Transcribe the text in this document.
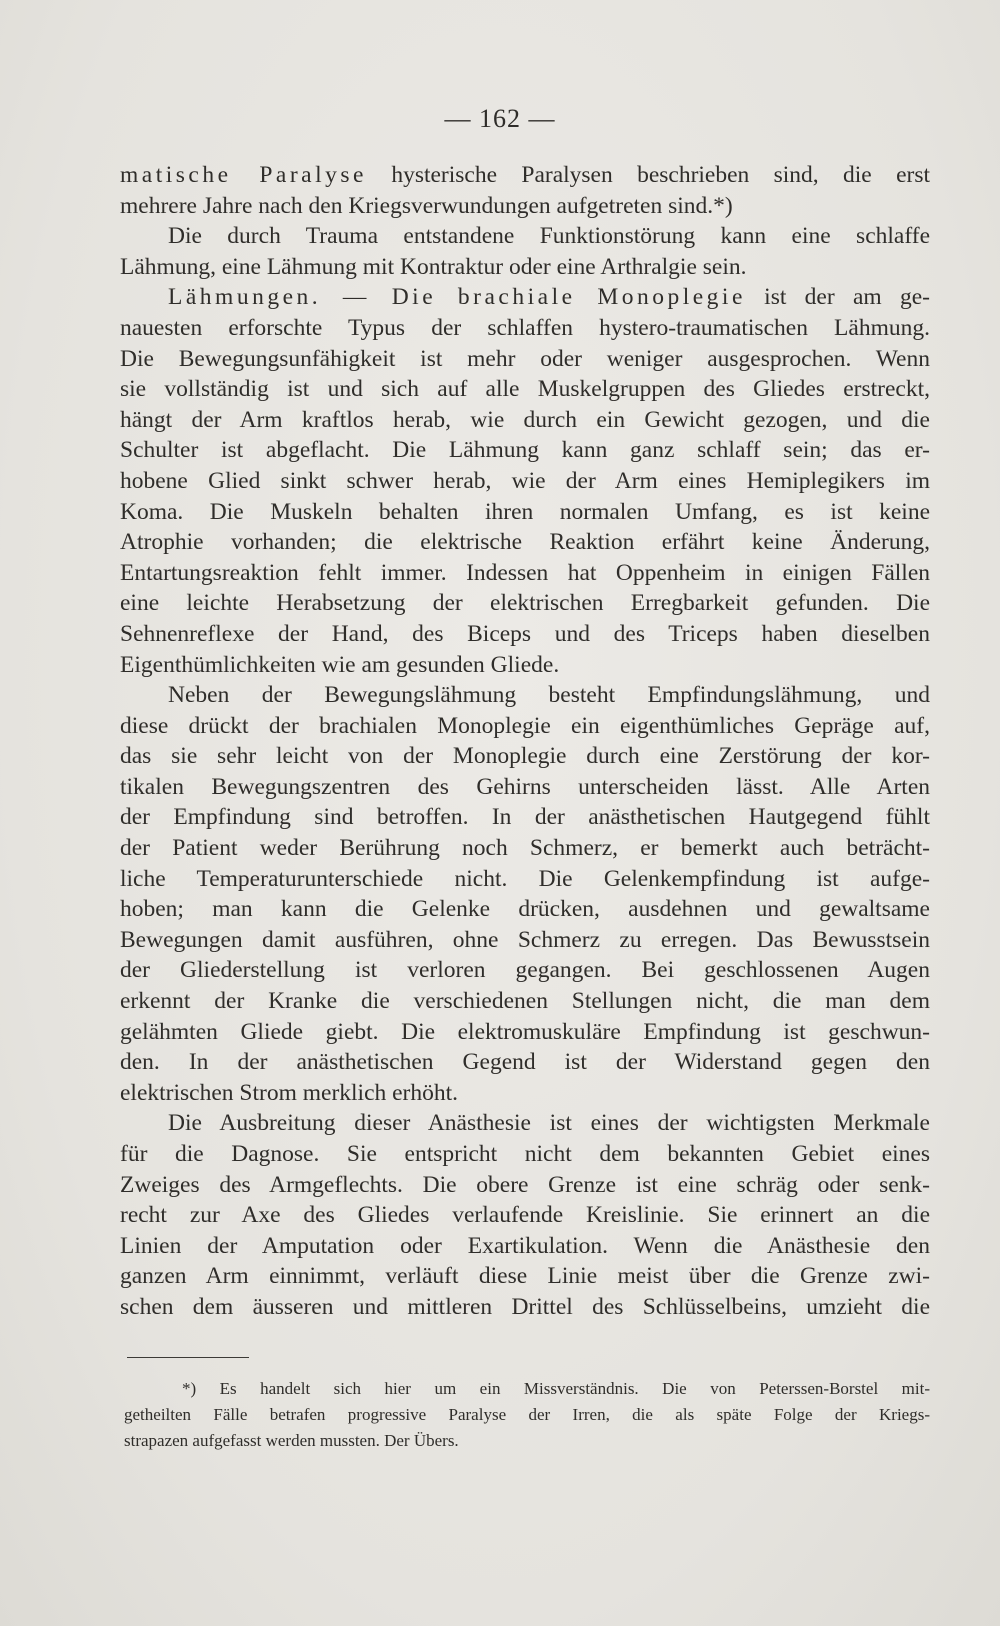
— 162 —
matische Paralyse hysterische Paralysen beschrieben sind, die erst
mehrere Jahre nach den Kriegsverwundungen aufgetreten sind.*)
Die durch Trauma entstandene Funktionstörung kann eine schlaffe
Lähmung, eine Lähmung mit Kontraktur oder eine Arthralgie sein.
Lähmungen. — Die brachiale Monoplegie ist der am ge-
nauesten erforschte Typus der schlaffen hystero-traumatischen Lähmung.
Die Bewegungsunfähigkeit ist mehr oder weniger ausgesprochen. Wenn
sie vollständig ist und sich auf alle Muskelgruppen des Gliedes erstreckt,
hängt der Arm kraftlos herab, wie durch ein Gewicht gezogen, und die
Schulter ist abgeflacht. Die Lähmung kann ganz schlaff sein; das er-
hobene Glied sinkt schwer herab, wie der Arm eines Hemiplegikers im
Koma. Die Muskeln behalten ihren normalen Umfang, es ist keine
Atrophie vorhanden; die elektrische Reaktion erfährt keine Änderung,
Entartungsreaktion fehlt immer. Indessen hat Oppenheim in einigen Fällen
eine leichte Herabsetzung der elektrischen Erregbarkeit gefunden. Die
Sehnenreflexe der Hand, des Biceps und des Triceps haben dieselben
Eigenthümlichkeiten wie am gesunden Gliede.
Neben der Bewegungslähmung besteht Empfindungslähmung, und
diese drückt der brachialen Monoplegie ein eigenthümliches Gepräge auf,
das sie sehr leicht von der Monoplegie durch eine Zerstörung der kor-
tikalen Bewegungszentren des Gehirns unterscheiden lässt. Alle Arten
der Empfindung sind betroffen. In der anästhetischen Hautgegend fühlt
der Patient weder Berührung noch Schmerz, er bemerkt auch beträcht-
liche Temperaturunterschiede nicht. Die Gelenkempfindung ist aufge-
hoben; man kann die Gelenke drücken, ausdehnen und gewaltsame
Bewegungen damit ausführen, ohne Schmerz zu erregen. Das Bewusstsein
der Gliederstellung ist verloren gegangen. Bei geschlossenen Augen
erkennt der Kranke die verschiedenen Stellungen nicht, die man dem
gelähmten Gliede giebt. Die elektromuskuläre Empfindung ist geschwun-
den. In der anästhetischen Gegend ist der Widerstand gegen den
elektrischen Strom merklich erhöht.
Die Ausbreitung dieser Anästhesie ist eines der wichtigsten Merkmale
für die Dagnose. Sie entspricht nicht dem bekannten Gebiet eines
Zweiges des Armgeflechts. Die obere Grenze ist eine schräg oder senk-
recht zur Axe des Gliedes verlaufende Kreislinie. Sie erinnert an die
Linien der Amputation oder Exartikulation. Wenn die Anästhesie den
ganzen Arm einnimmt, verläuft diese Linie meist über die Grenze zwi-
schen dem äusseren und mittleren Drittel des Schlüsselbeins, umzieht die
*) Es handelt sich hier um ein Missverständnis. Die von Peterssen-Borstel mit-
getheilten Fälle betrafen progressive Paralyse der Irren, die als späte Folge der Kriegs-
strapazen aufgefasst werden mussten. Der Übers.
